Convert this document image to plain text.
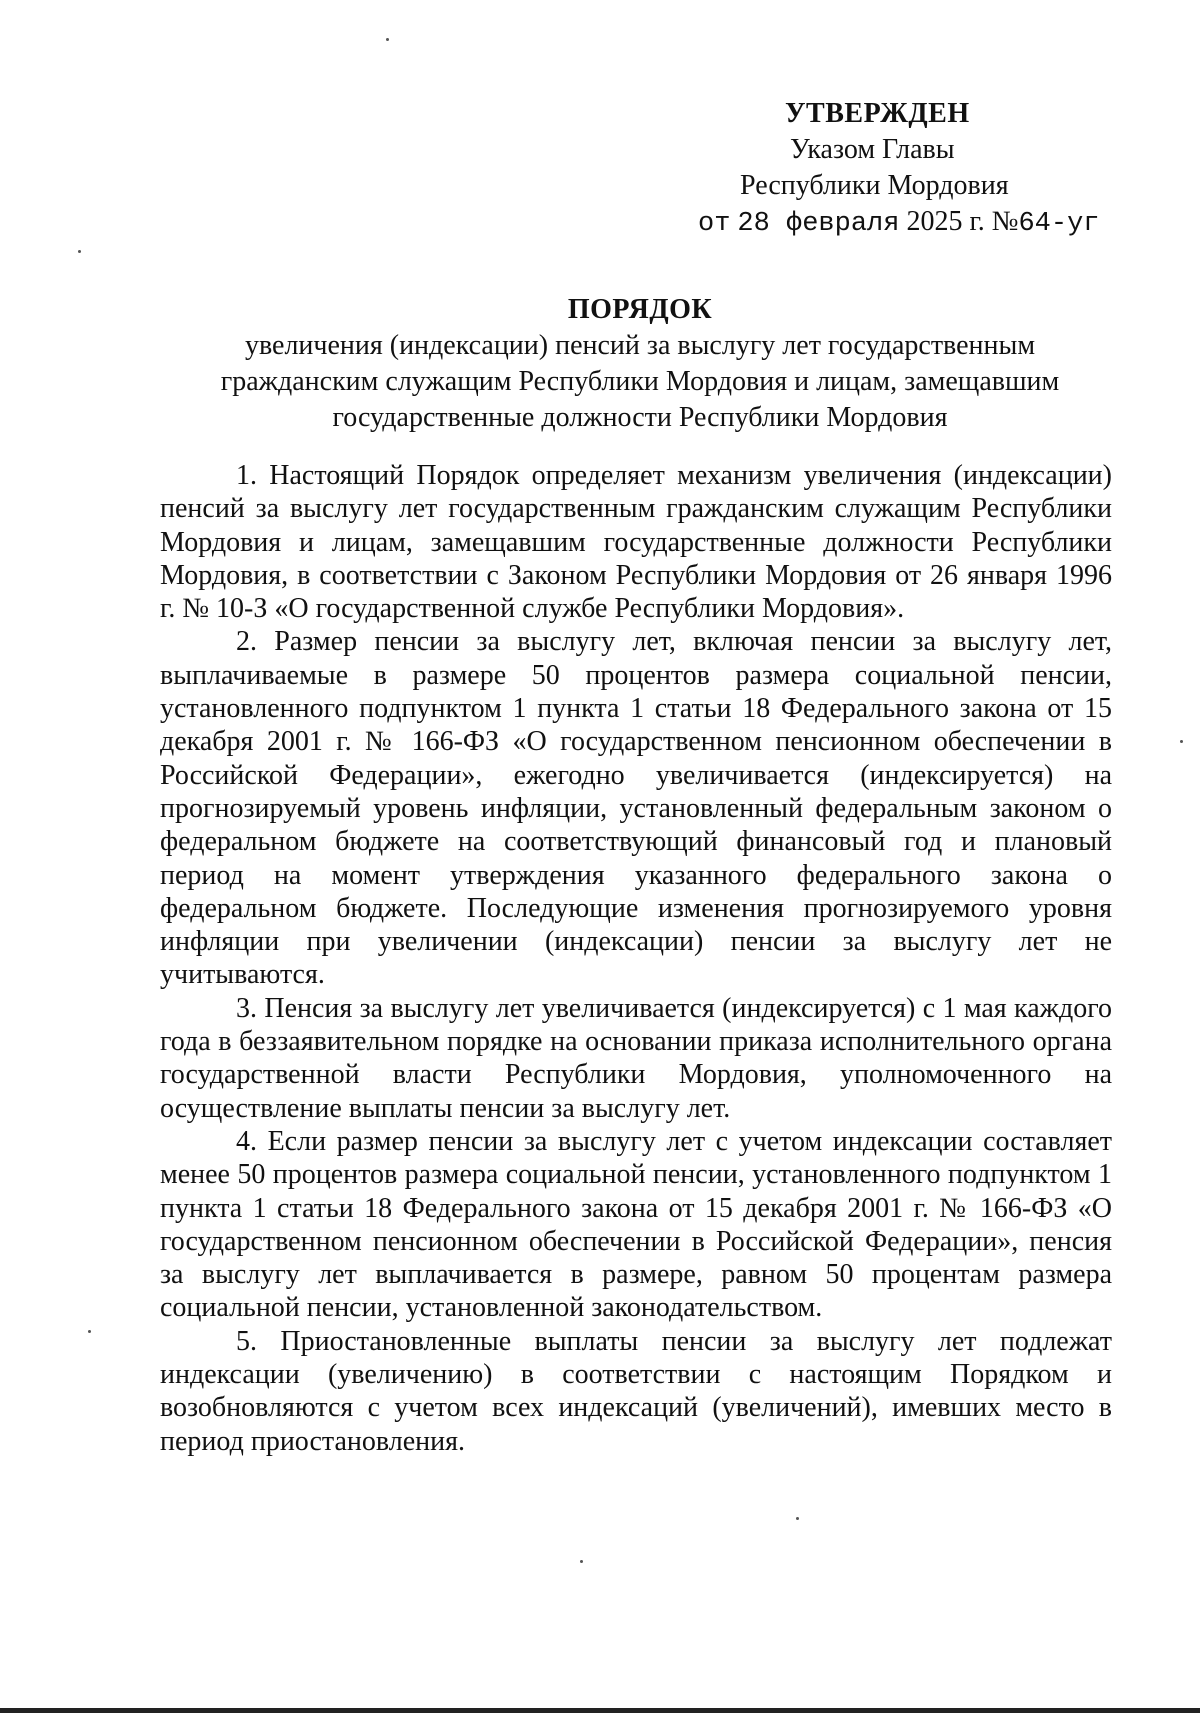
УТВЕРЖДЕН
Указом Главы
Республики Мордовия
от 28 февраля 2025 г. №64-уг
ПОРЯДОК
увеличения (индексации) пенсий за выслугу лет государственным
гражданским служащим Республики Мордовия и лицам, замещавшим
государственные должности Республики Мордовия

1. Настоящий Порядок определяет механизм увеличения (индексации) пенсий за выслугу лет государственным гражданским служащим Республики Мордовия и лицам, замещавшим государственные должности Республики Мордовия, в соответствии с Законом Республики Мордовия от 26 января 1996 г. № 10-З «О государственной службе Республики Мордовия».

2. Размер пенсии за выслугу лет, включая пенсии за выслугу лет, выплачиваемые в размере 50 процентов размера социальной пенсии, установленного подпунктом 1 пункта 1 статьи 18 Федерального закона от 15 декабря 2001 г. № 166-ФЗ «О государственном пенсионном обеспечении в Российской Федерации», ежегодно увеличивается (индексируется) на прогнозируемый уровень инфляции, установленный федеральным законом о федеральном бюджете на соответствующий финансовый год и плановый период на момент утверждения указанного федерального закона о федеральном бюджете. Последующие изменения прогнозируемого уровня инфляции при увеличении (индексации) пенсии за выслугу лет не учитываются.

3. Пенсия за выслугу лет увеличивается (индексируется) с 1 мая каждого года в беззаявительном порядке на основании приказа исполнительного органа государственной власти Республики Мордовия, уполномоченного на осуществление выплаты пенсии за выслугу лет.

4. Если размер пенсии за выслугу лет с учетом индексации составляет менее 50 процентов размера социальной пенсии, установленного подпунктом 1 пункта 1 статьи 18 Федерального закона от 15 декабря 2001 г. № 166-ФЗ «О государственном пенсионном обеспечении в Российской Федерации», пенсия за выслугу лет выплачивается в размере, равном 50 процентам размера социальной пенсии, установленной законодательством.

5. Приостановленные выплаты пенсии за выслугу лет подлежат индексации (увеличению) в соответствии с настоящим Порядком и возобновляются с учетом всех индексаций (увеличений), имевших место в период приостановления.
